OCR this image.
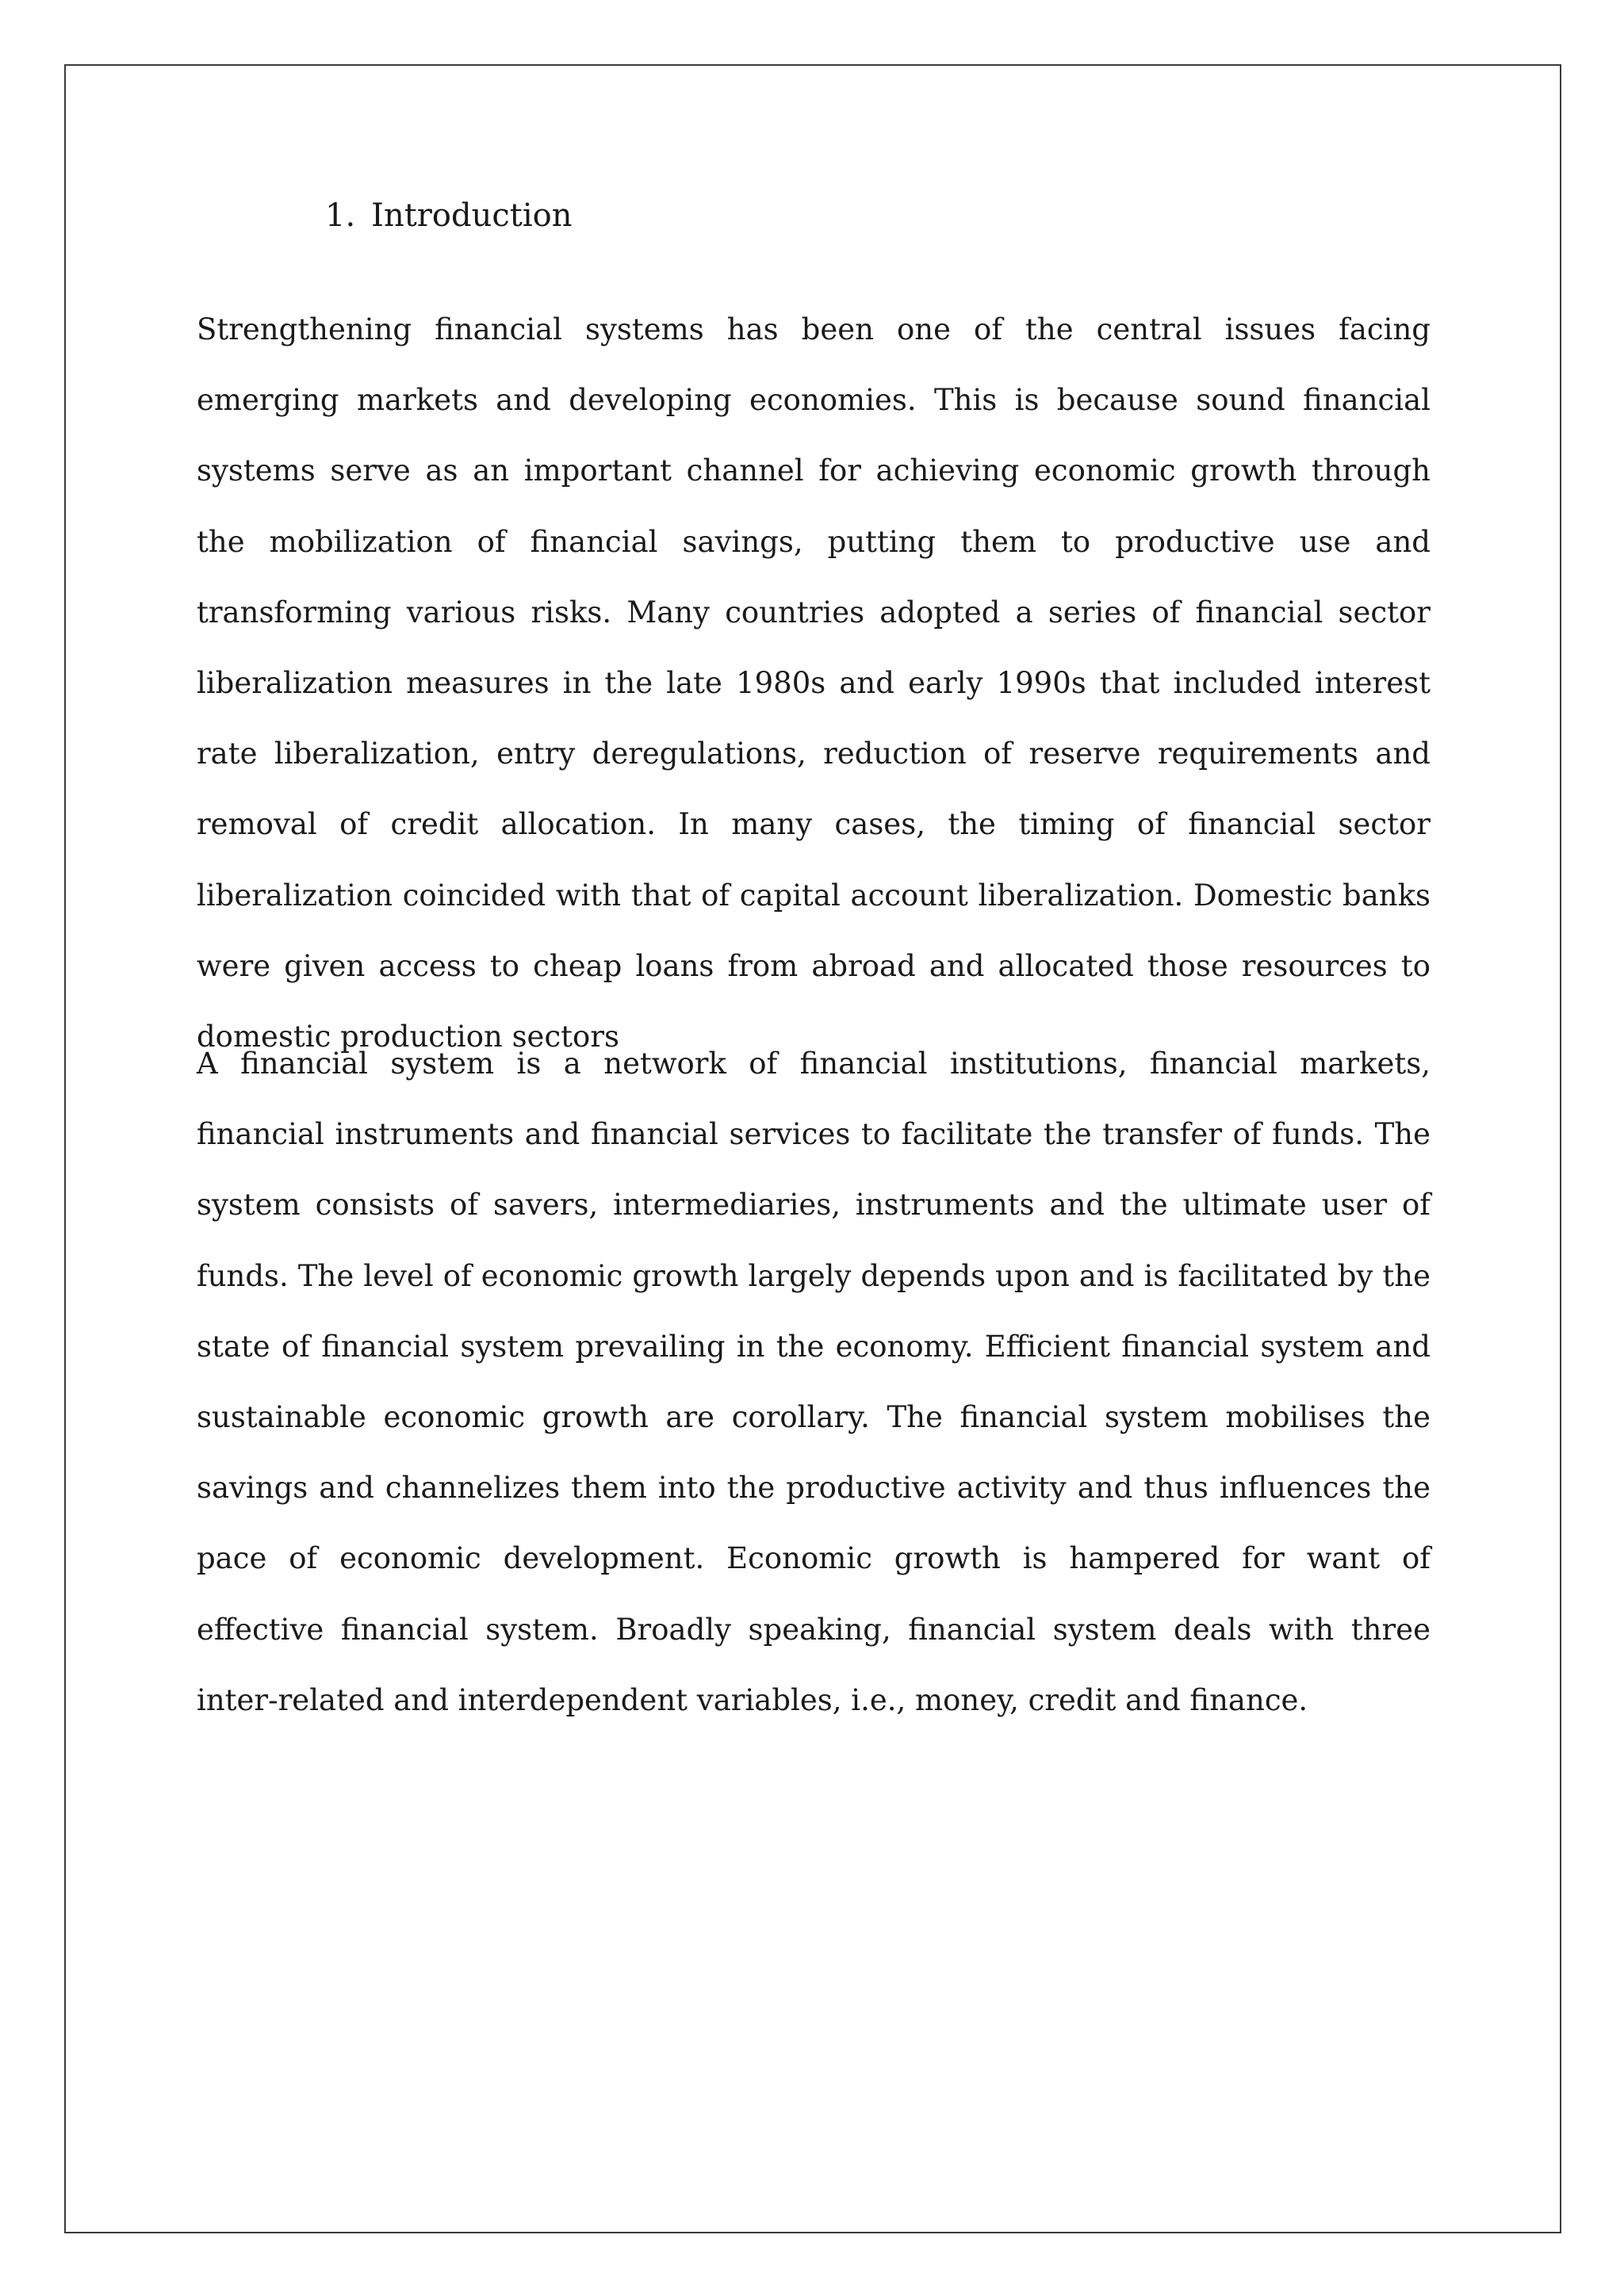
1. Introduction

Strengthening financial systems has been one of the central issues facing emerging markets and developing economies. This is because sound financial systems serve as an important channel for achieving economic growth through the mobilization of financial savings, putting them to productive use and transforming various risks. Many countries adopted a series of financial sector liberalization measures in the late 1980s and early 1990s that included interest rate liberalization, entry deregulations, reduction of reserve requirements and removal of credit allocation. In many cases, the timing of financial sector liberalization coincided with that of capital account liberalization. Domestic banks were given access to cheap loans from abroad and allocated those resources to domestic production sectors

A financial system is a network of financial institutions, financial markets, financial instruments and financial services to facilitate the transfer of funds. The system consists of savers, intermediaries, instruments and the ultimate user of funds. The level of economic growth largely depends upon and is facilitated by the state of financial system prevailing in the economy. Efficient financial system and sustainable economic growth are corollary. The financial system mobilises the savings and channelizes them into the productive activity and thus influences the pace of economic development. Economic growth is hampered for want of effective financial system. Broadly speaking, financial system deals with three inter-related and interdependent variables, i.e., money, credit and finance.
